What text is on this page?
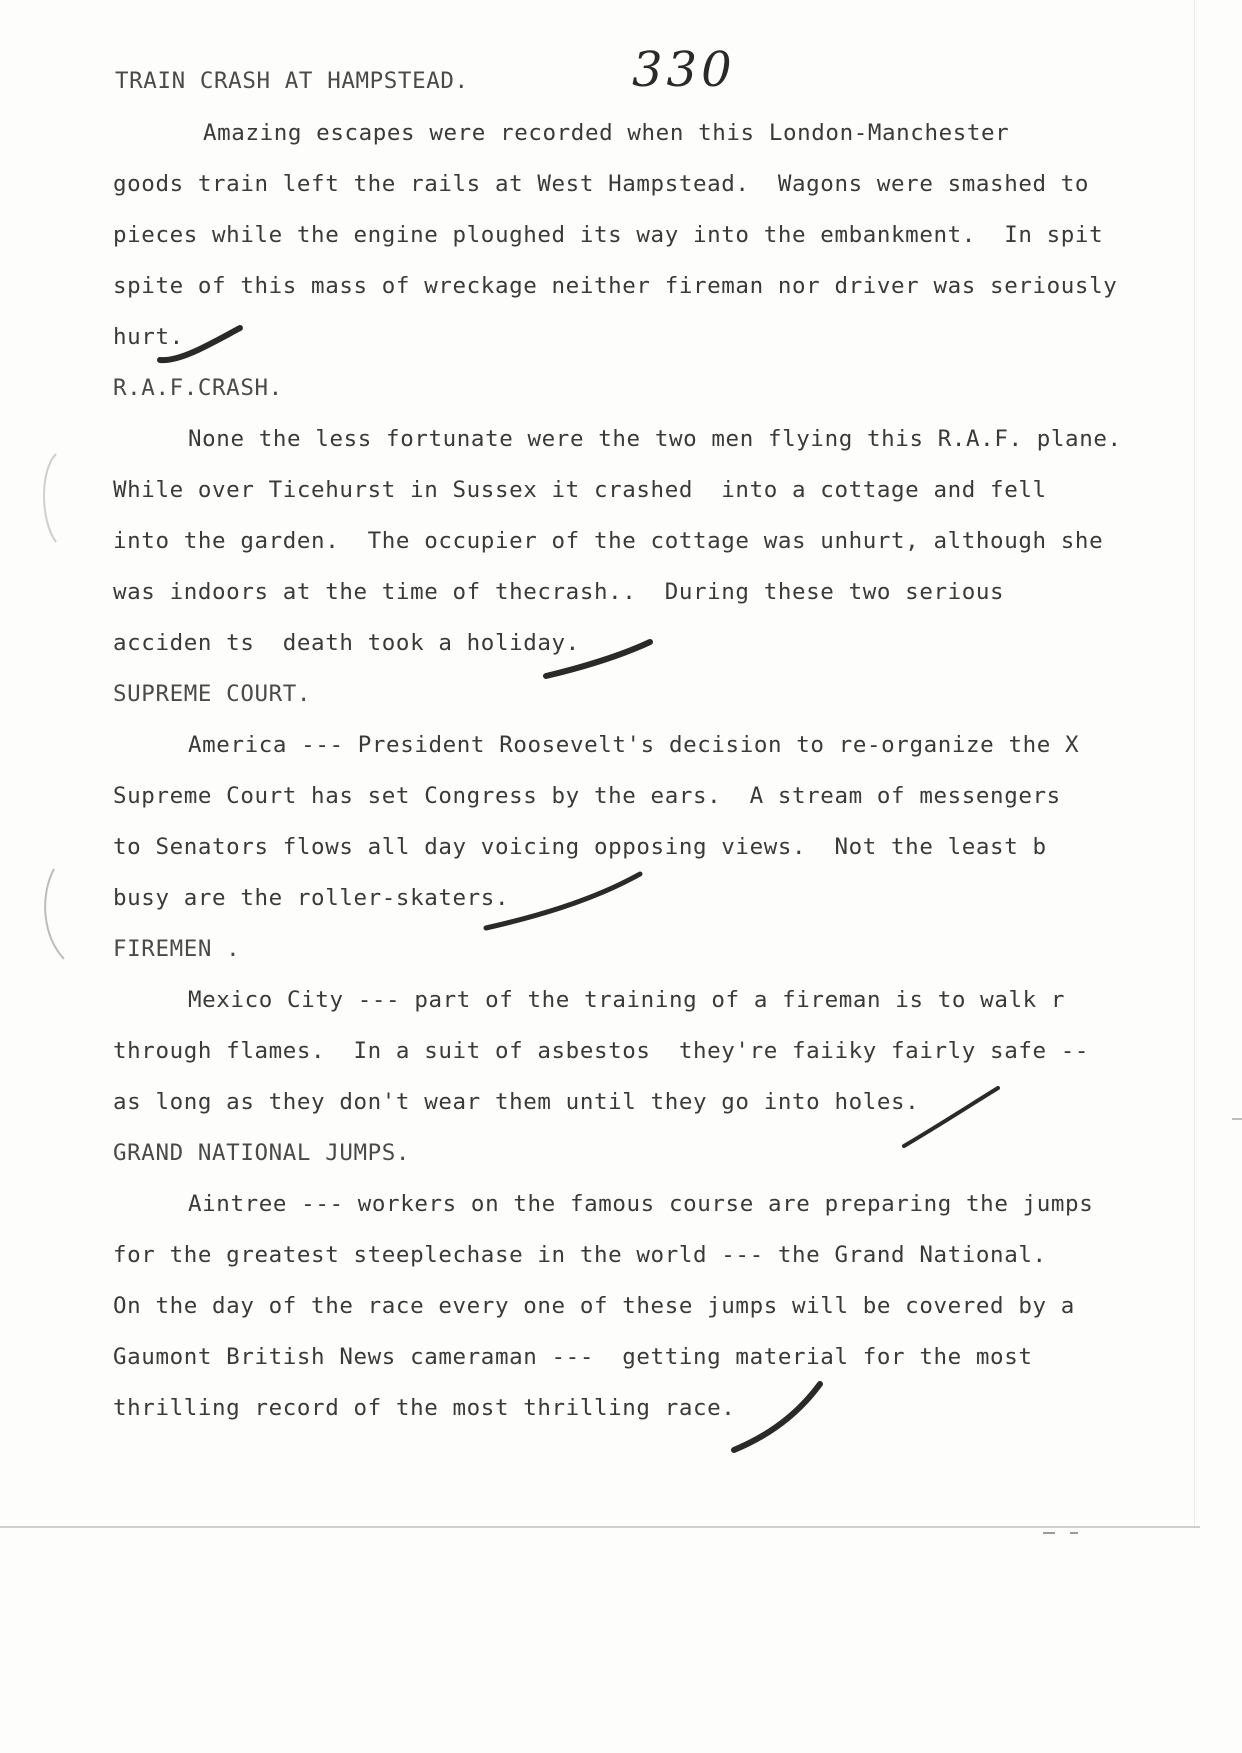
330
TRAIN CRASH AT HAMPSTEAD.
Amazing escapes were recorded when this London-Manchester
goods train left the rails at West Hampstead.  Wagons were smashed to
pieces while the engine ploughed its way into the embankment.  In spit
spite of this mass of wreckage neither fireman nor driver was seriously
hurt.
R.A.F.CRASH.
None the less fortunate were the two men flying this R.A.F. plane.
While over Ticehurst in Sussex it crashed  into a cottage and fell
into the garden.  The occupier of the cottage was unhurt, although she
was indoors at the time of thecrash..  During these two serious
acciden ts  death took a holiday.
SUPREME COURT.
America --- President Roosevelt's decision to re-organize the X
Supreme Court has set Congress by the ears.  A stream of messengers
to Senators flows all day voicing opposing views.  Not the least b
busy are the roller-skaters.
FIREMEN .
Mexico City --- part of the training of a fireman is to walk r
through flames.  In a suit of asbestos  they're faiiky fairly safe --
as long as they don't wear them until they go into holes.
GRAND NATIONAL JUMPS.
Aintree --- workers on the famous course are preparing the jumps
for the greatest steeplechase in the world --- the Grand National.
On the day of the race every one of these jumps will be covered by a
Gaumont British News cameraman ---  getting material for the most
thrilling record of the most thrilling race.
